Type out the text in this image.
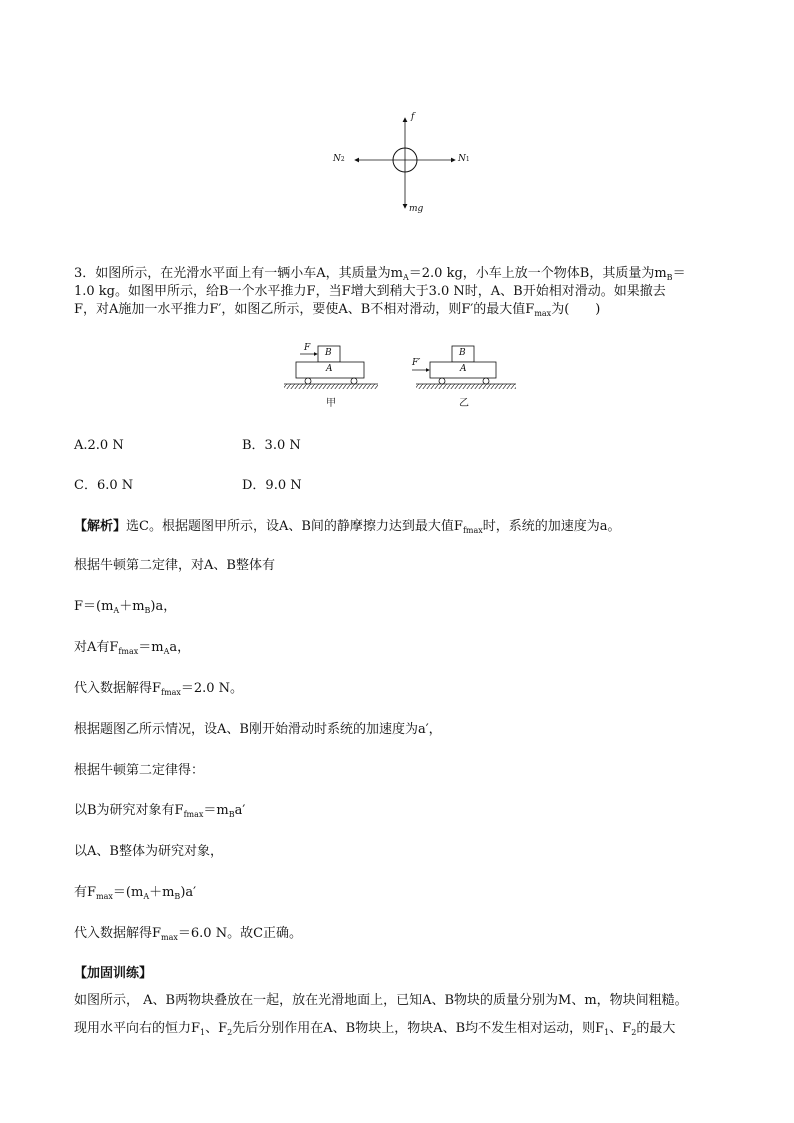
f
N1
N2
mg
3．如图所示，在光滑水平面上有一辆小车A，其质量为$m_A=2.0$ kg，小车上放一个物体B，其质量为$m_B=$
1.0 kg。如图甲所示，给B一个水平推力F，当F增大到稍大于3.0 N时，A、B开始相对滑动。如果撤去
F，对A施加一水平推力F′，如图乙所示，要使A、B不相对滑动，则F′的最大值$F_{max}$为(　　)
F B
A
甲
F′
B
A
乙
A.2.0 N	B．3.0 N
C．6.0 N	D．9.0 N
【解析】选C。根据题图甲所示，设A、B间的静摩擦力达到最大值$F_{fmax}$时，系统的加速度为a。
根据牛顿第二定律，对A、B整体有
$F=(m_A+m_B)a$，
对A有$F_{fmax}=m_Aa$，
代入数据解得$F_{fmax}=2.0$ N。
根据题图乙所示情况，设A、B刚开始滑动时系统的加速度为a′，
根据牛顿第二定律得：
以B为研究对象有$F_{fmax}=m_Ba'$
以A、B整体为研究对象，
有$F_{max}=(m_A+m_B)a'$
代入数据解得$F_{max}=6.0$ N。故C正确。
【加固训练】
如图所示， A、B两物块叠放在一起，放在光滑地面上，已知A、B物块的质量分别为M、m，物块间粗糙。
现用水平向右的恒力$F_1$、$F_2$先后分别作用在A、B物块上，物块A、B均不发生相对运动，则$F_1$、$F_2$的最大
